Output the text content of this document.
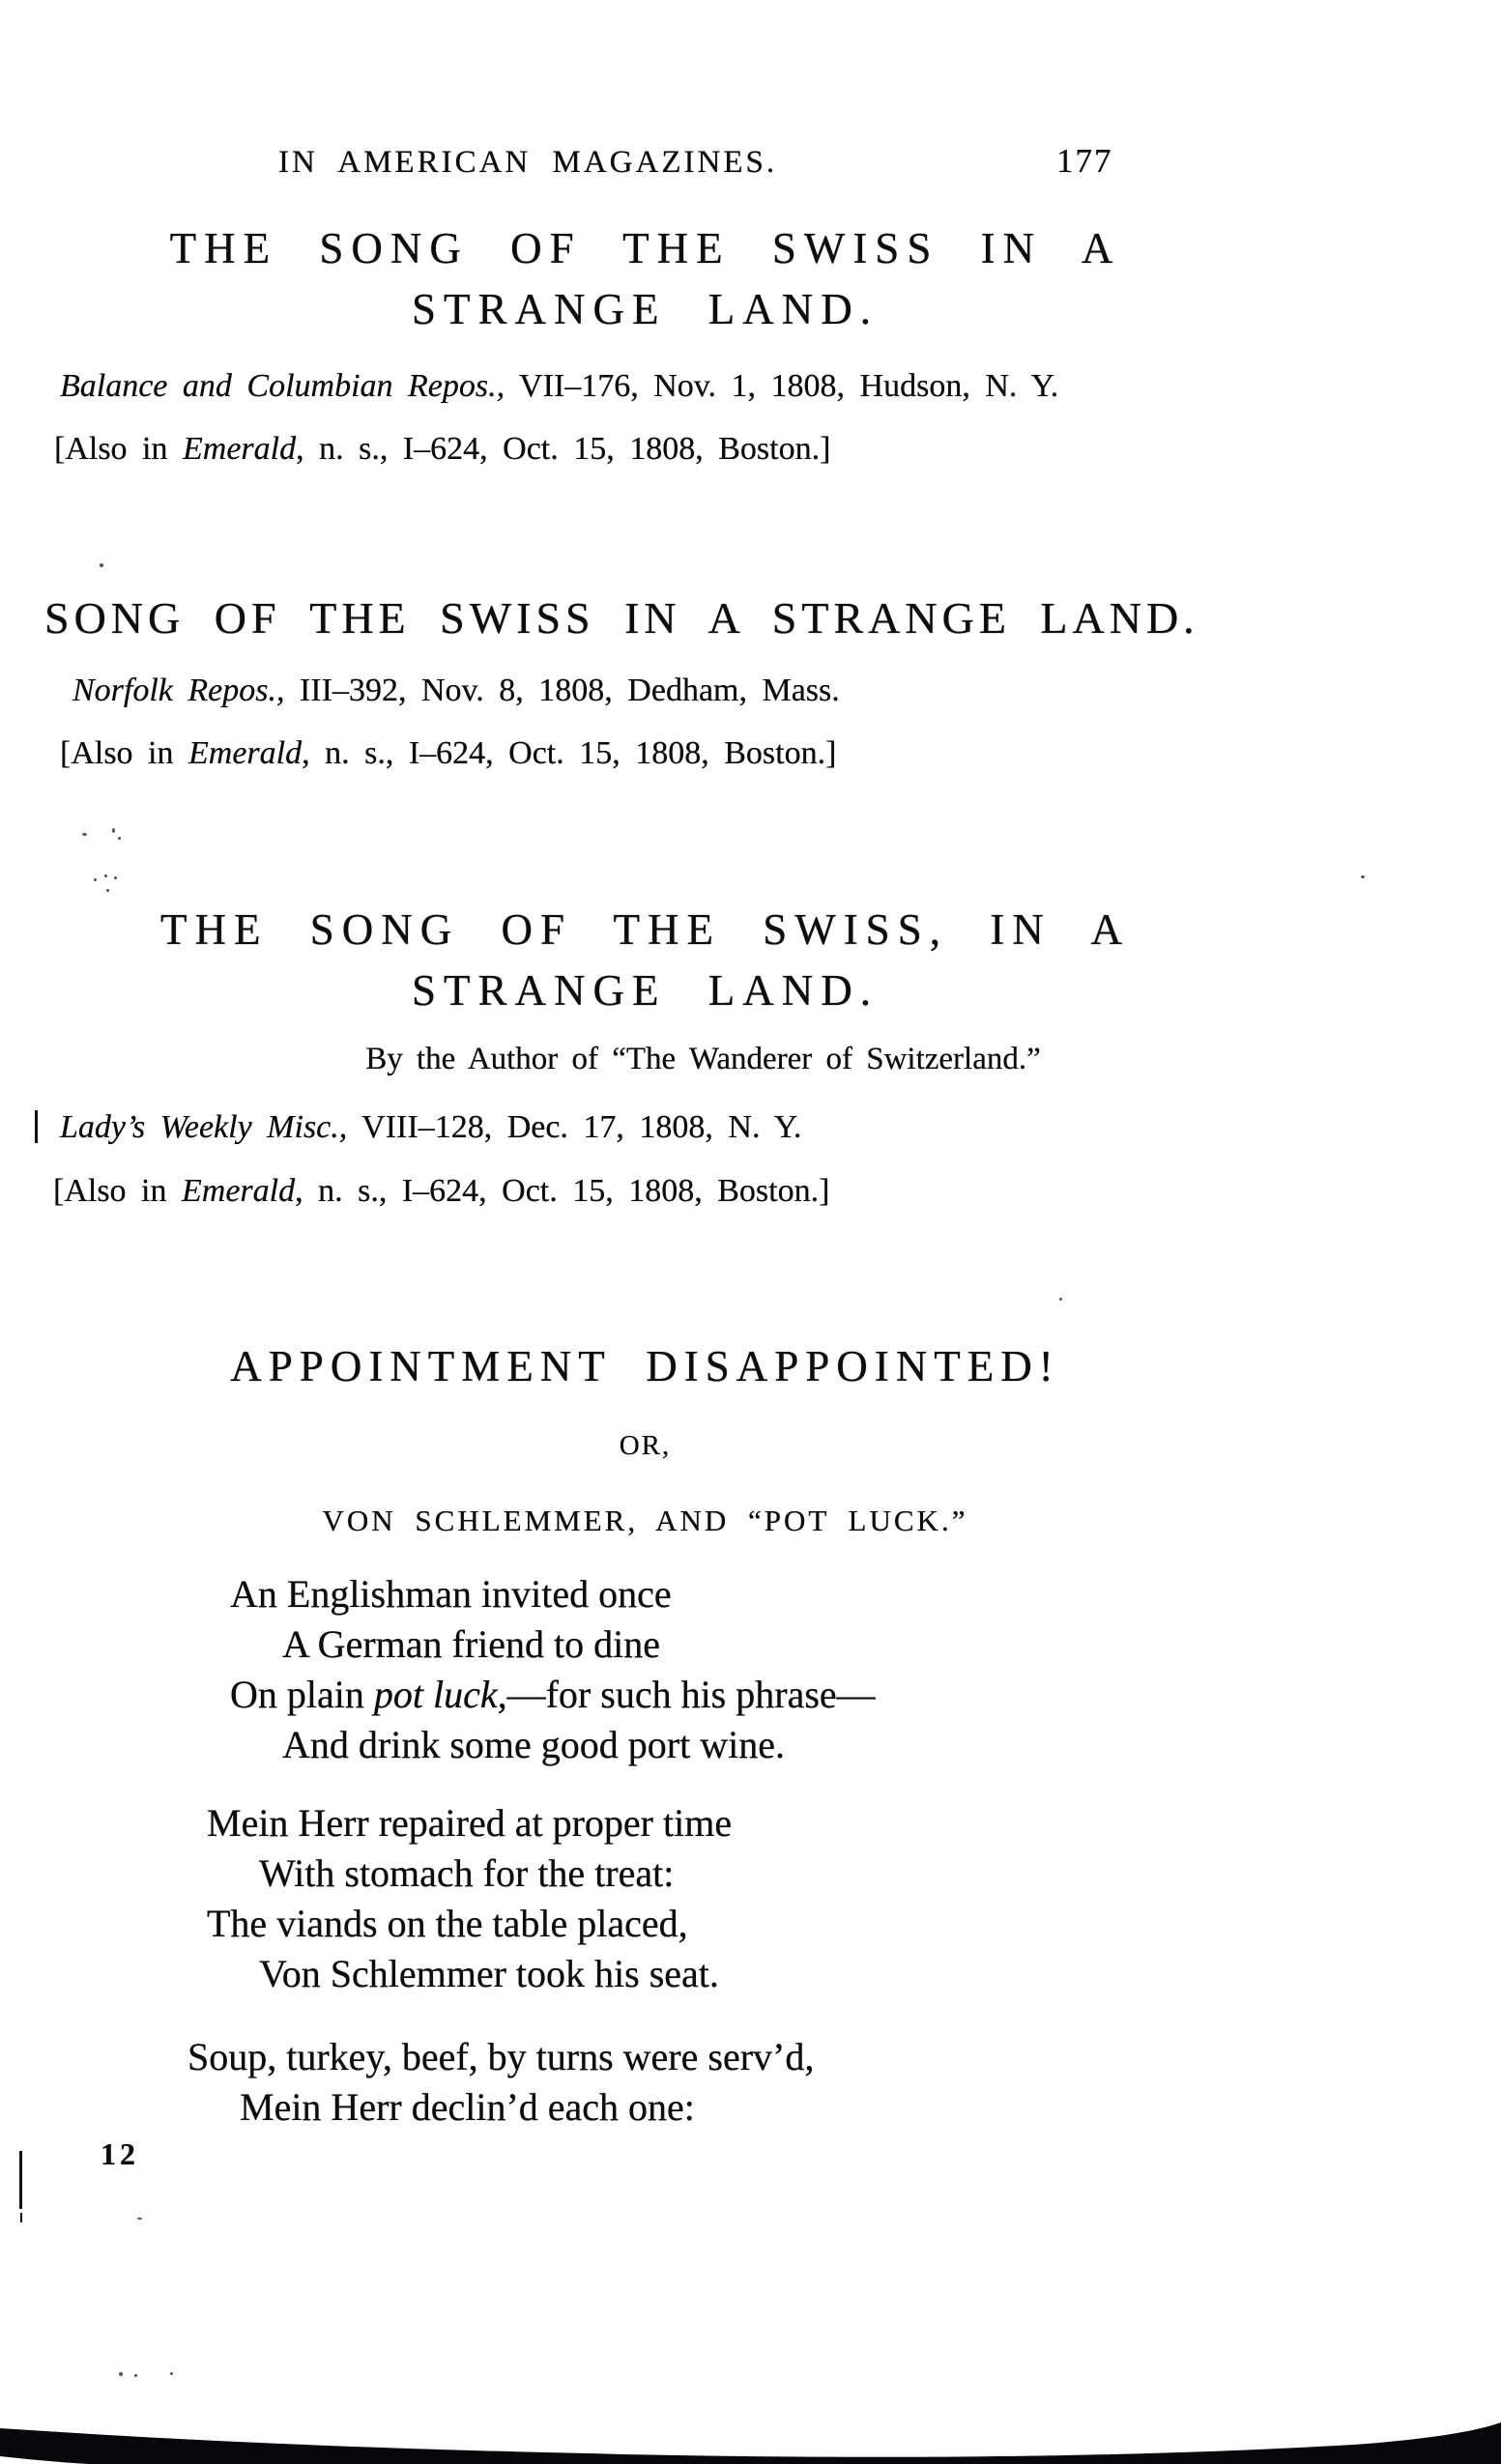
IN AMERICAN MAGAZINES.	177
THE SONG OF THE SWISS IN A
STRANGE LAND.
Balance and Columbian Repos., VII–176, Nov. 1, 1808, Hudson, N. Y.
[Also in Emerald, n. s., I–624, Oct. 15, 1808, Boston.]
SONG OF THE SWISS IN A STRANGE LAND.
Norfolk Repos., III–392, Nov. 8, 1808, Dedham, Mass.
[Also in Emerald, n. s., I–624, Oct. 15, 1808, Boston.]
THE SONG OF THE SWISS, IN A
STRANGE LAND.
By the Author of “The Wanderer of Switzerland.”
Lady’s Weekly Misc., VIII–128, Dec. 17, 1808, N. Y.
[Also in Emerald, n. s., I–624, Oct. 15, 1808, Boston.]
APPOINTMENT DISAPPOINTED!
OR,
VON SCHLEMMER, AND “POT LUCK.”
An Englishman invited once
A German friend to dine
On plain pot luck,—for such his phrase—
And drink some good port wine.
Mein Herr repaired at proper time
With stomach for the treat:
The viands on the table placed,
Von Schlemmer took his seat.
Soup, turkey, beef, by turns were serv’d,
Mein Herr declin’d each one:
12
